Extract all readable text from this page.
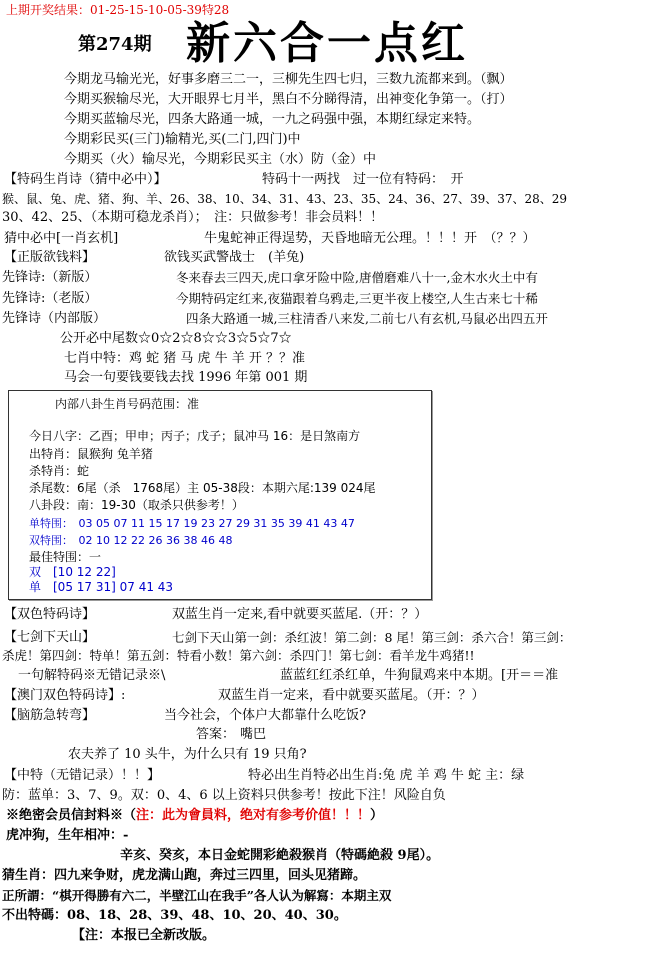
上期开奖结果：01-25-15-10-05-39特28
第274期 新六合一点红
今期龙马输光光，好事多磨三二一，三柳先生四七归，三数九流都来到。（飘）
今期买猴输尽光，大开眼界七月半，黑白不分睇得清，出神变化争第一。（打）
今期买蓝输尽光，四条大路通一城，一九之码强中强，本期红绿定来特。
今期彩民买(三门)输精光,买(二门,四门)中
今期买（火）输尽光，今期彩民买主（水）防（金）中
【特码生肖诗（猜中必中）】	特码十一两找　过一位有特码：　开
猴、鼠、兔、虎、猪、狗、羊、26、38、10、34、31、43、23、35、24、36、27、39、37、28、29
30、42、25、（本期可稳龙杀肖）；　注：只做参考！非会员料！！
猜中必中[一肖玄机]	牛鬼蛇神正得逞势，天昏地暗无公理。！！！开　（？？）
【正版欲钱料】	欲钱买武警战士　(羊兔)
先锋诗:（新版）	冬来春去三四天,虎口拿牙险中险,唐僧磨难八十一,金木水火土中有
先锋诗:（老版）	今期特码定红来,夜猫跟着乌鸦走,三更半夜上楼空,人生古来七十稀
先锋诗（内部版）	四条大路通一城,三柱清香八来发,二前七八有玄机,马鼠必出四五开
公开必中尾数☆0☆2☆8☆☆3☆5☆7☆
七肖中特：鸡 蛇 猪 马 虎 牛 羊 开 ？？准
马会一句要钱要钱去找 1996 年第 001 期
内部八卦生肖号码范围：准
今日八字：乙酉；甲申；丙子；戊子；鼠冲马 16：是日煞南方
出特肖：鼠猴狗 兔羊猪
杀特肖：蛇
杀尾数：6尾（杀　1768尾）主 05-38段：本期六尾:139 024尾
八卦段：南：19-30（取杀只供参考！）
单特围：　03 05 07 11 15 17 19 23 27 29 31 35 39 41 43 47
双特围：　02 10 12 22 26 36 38 46 48
最佳特围：一
双　[10 12 22]
单　[05 17 31] 07 41 43
【双色特码诗】	双蓝生肖一定来,看中就要买蓝尾.（开：？）
【七剑下天山】	七剑下天山第一剑：杀红波！第二剑：8 尾！第三剑：杀六合！第三剑：
杀虎！第四剑：特单！第五剑：特看小数！第六剑：杀四门！第七剑：看羊龙牛鸡猪!!
一句解特码※无错记录※\	蓝蓝红红杀红单，牛狗鼠鸡来中本期。[开＝＝准
【澳门双色特码诗】:	双蓝生肖一定来，看中就要买蓝尾。（开：？）
【脑筋急转弯】	当今社会，个体户大都靠什么吃饭?
答案： 嘴巴
农夫养了 10 头牛，为什么只有 19 只角?
【中特（无错记录）！！】	特必出生肖特必出生肖:兔 虎 羊 鸡 牛 蛇 主：绿
防：蓝单：3、7、9。双：0、4、6 以上资料只供参考！按此下注！风险自负
※绝密会员信封料※（注：此为會員料，绝对有参考价值！！！）
虎冲狗，生年相冲：-
辛亥、癸亥，本日金蛇開彩絶殺猴肖（特碼絶殺 9尾）。
猜生肖：四九来争财，虎龙满山跑，奔过三四里，回头见猪蹄。
正所謂：“棋开得勝有六二，半壁江山在我手”各人认为解寫：本期主双
不出特碼：08、18、28、39、48、10、20、40、30。
【注：本报已全新改版。
